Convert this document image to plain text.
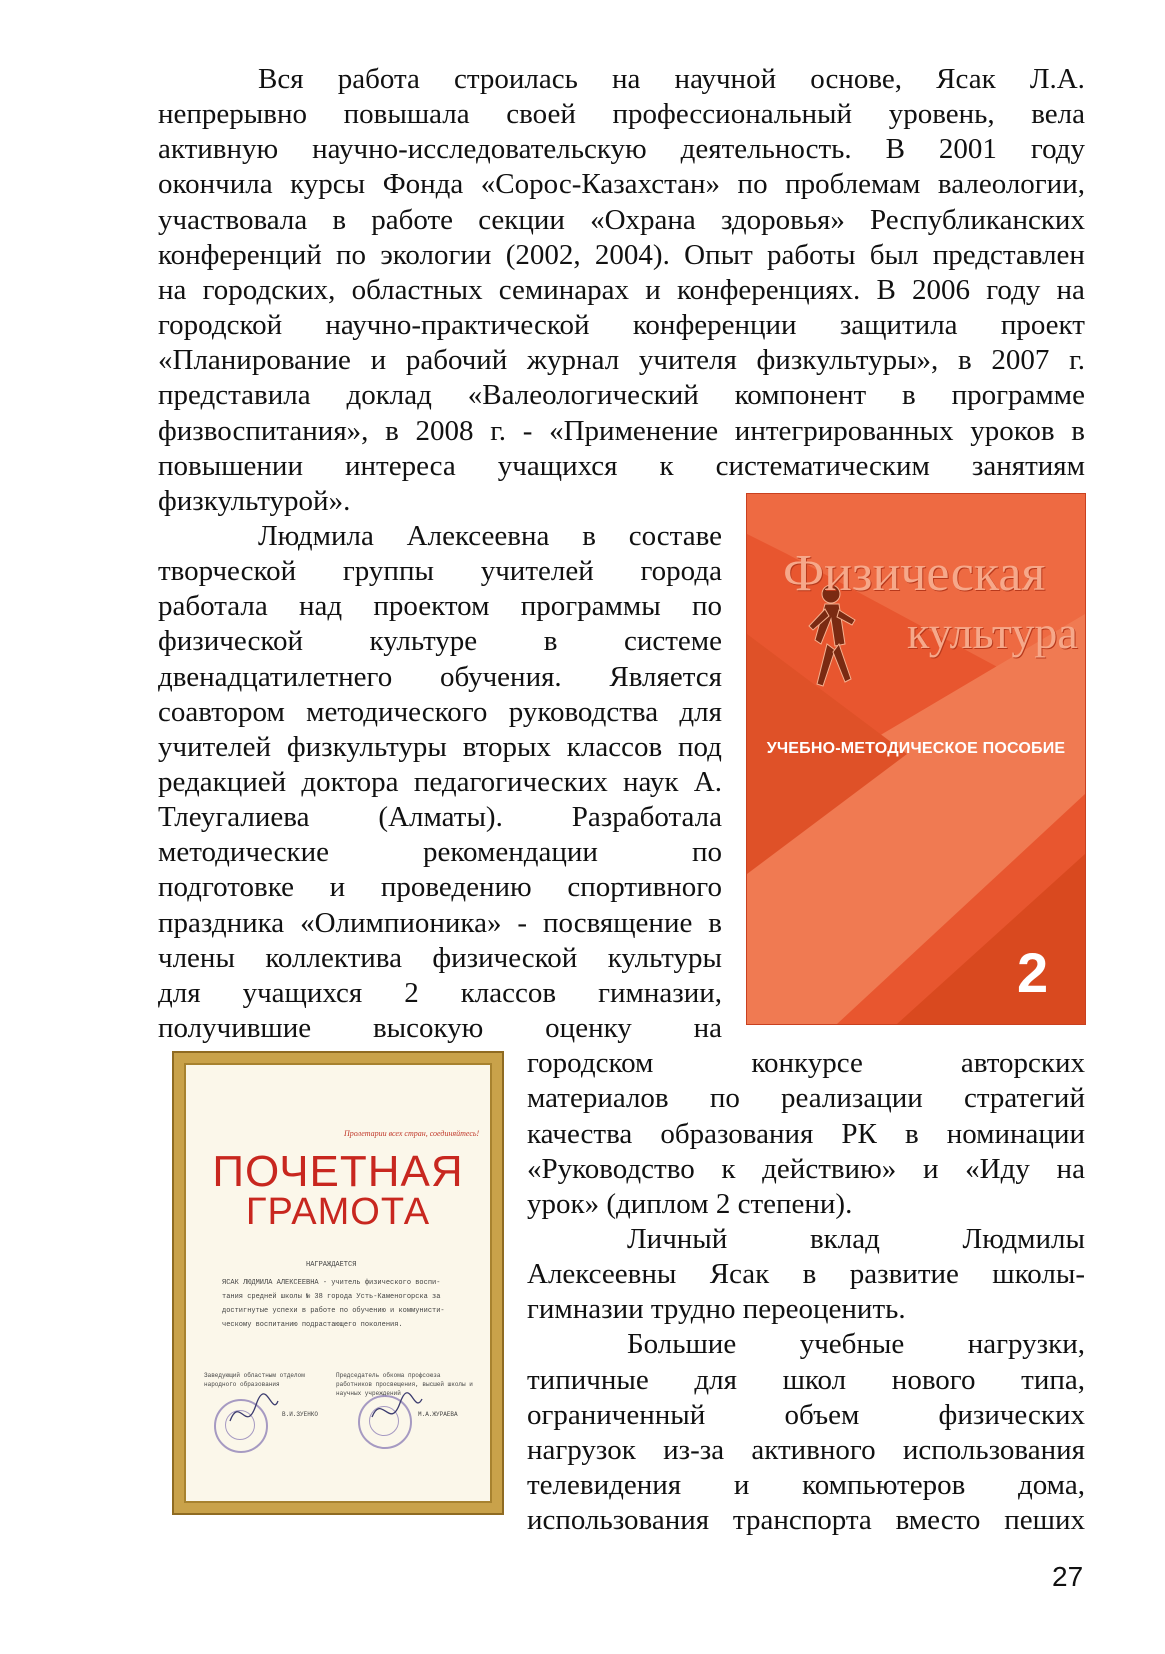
Вся работа строилась на научной основе, Ясак Л.А.
непрерывно повышала своей профессиональный уровень, вела
активную научно-исследовательскую деятельность. В 2001 году
окончила курсы Фонда «Сорос-Казахстан» по проблемам валеологии,
участвовала в работе секции «Охрана здоровья» Республиканских
конференций по экологии (2002, 2004). Опыт работы был представлен
на городских, областных семинарах и конференциях. В 2006 году на
городской научно-практической конференции защитила проект
«Планирование и рабочий журнал учителя физкультуры», в 2007 г.
представила доклад «Валеологический компонент в программе
физвоспитания», в 2008 г. - «Применение интегрированных уроков в
повышении интереса учащихся к систематическим занятиям
физкультурой».
Людмила Алексеевна в составе
творческой группы учителей города
работала над проектом программы по
физической культуре в системе
двенадцатилетнего обучения. Является
соавтором методического руководства для
учителей физкультуры вторых классов под
редакцией доктора педагогических наук А.
Тлеугалиева (Алматы). Разработала
методические	рекомендации	по
подготовке и проведению спортивного
праздника «Олимпионика» - посвящение в
члены коллектива физической культуры
для учащихся 2 классов гимназии,
получившие высокую оценку на
городском	конкурсе	авторских
материалов по реализации стратегий
качества образования РК в номинации
«Руководство к действию» и «Иду на
урок» (диплом 2 степени).
Личный	вклад	Людмилы
Алексеевны Ясак в развитие школы-
гимназии трудно переоценить.
Большие учебные нагрузки,
типичные для школ нового типа,
ограниченный	объем	физических
нагрузок из-за активного использования
телевидения и компьютеров дома,
использования транспорта вместо пеших
Физическая
культура
УЧЕБНО-МЕТОДИЧЕСКОЕ ПОСОБИЕ
2
Пролетарии всех стран, соединяйтесь!
ПОЧЕТНАЯ
ГРАМОТА
НАГРАЖДАЕТСЯ
ЯСАК ЛЮДМИЛА АЛЕКСЕЕВНА - учитель физического воспи-
тания средней школы № 38 города Усть-Каменогорска за
достигнутые успехи в работе по обучению и коммунисти-
ческому воспитанию подрастающего поколения.
Заведующий областным отделом народного образования
В.И.ЗУЕНКО
Председатель обкома профсоюза работников просвещения, высшей школы и научных учреждений
М.А.ЖУРАЕВА
27
